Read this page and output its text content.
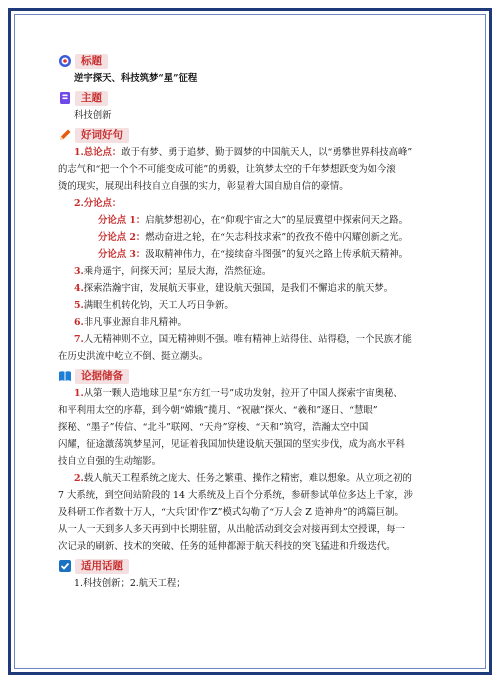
标题
逆宇探天、科技筑梦“星”征程
主题
科技创新
好词好句
1.总论点：敢于有梦、勇于追梦、勤于圆梦的中国航天人，以“勇攀世界科技高峰”
的志气和“把一个个不可能变成可能”的勇毅，让筑梦太空的千年梦想跃变为如今滚
烫的现实，展现出科技自立自强的实力，彰显着大国自励自信的豪情。
2.分论点：
分论点 1：启航梦想初心，在“仰观宇宙之大”的星辰冀望中探索问天之路。
分论点 2：燃动奋进之轮，在“矢志科技求索”的孜孜不倦中闪耀创新之光。
分论点 3：汲取精神伟力，在“接续奋斗图强”的复兴之路上传承航天精神。
3.乘舟遥宇，问探天河；星辰大海，浩然征途。
4.探索浩瀚宇宙，发展航天事业，建设航天强国，是我们不懈追求的航天梦。
5.满眼生机转化钧，天工人巧日争新。
6.非凡事业源自非凡精神。
7.人无精神则不立，国无精神则不强。唯有精神上站得住、站得稳，一个民族才能
在历史洪流中屹立不倒、挺立潮头。
论据储备
1.从第一颗人造地球卫星“东方红一号”成功发射，拉开了中国人探索宇宙奥秘、
和平利用太空的序幕，到今朝“嫦娥”揽月、“祝融”探火、“羲和”逐日、“慧眼”
探秘、“墨子”传信、“北斗”联网、“天舟”穿梭、“天和”筑穹，浩瀚太空中国
闪耀，征途激荡筑梦星河，见证着我国加快建设航天强国的坚实步伐，成为高水平科
技自立自强的生动缩影。
2.载人航天工程系统之庞大、任务之繁重、操作之精密，难以想象。从立项之初的
7 大系统，到空间站阶段的 14 大系统及上百个分系统，参研参试单位多达上千家，涉
及科研工作者数十万人，“大兵'团'作'Z”模式勾勒了“万人会 Z 造神舟”的鸿篇巨制。
从一人一天到多人多天再到中长期驻留，从出舱活动到交会对接再到太空授课，每一
次记录的刷新、技术的突破、任务的延伸都源于航天科技的突飞猛进和升级迭代。
适用话题
1.科技创新；2.航天工程；
